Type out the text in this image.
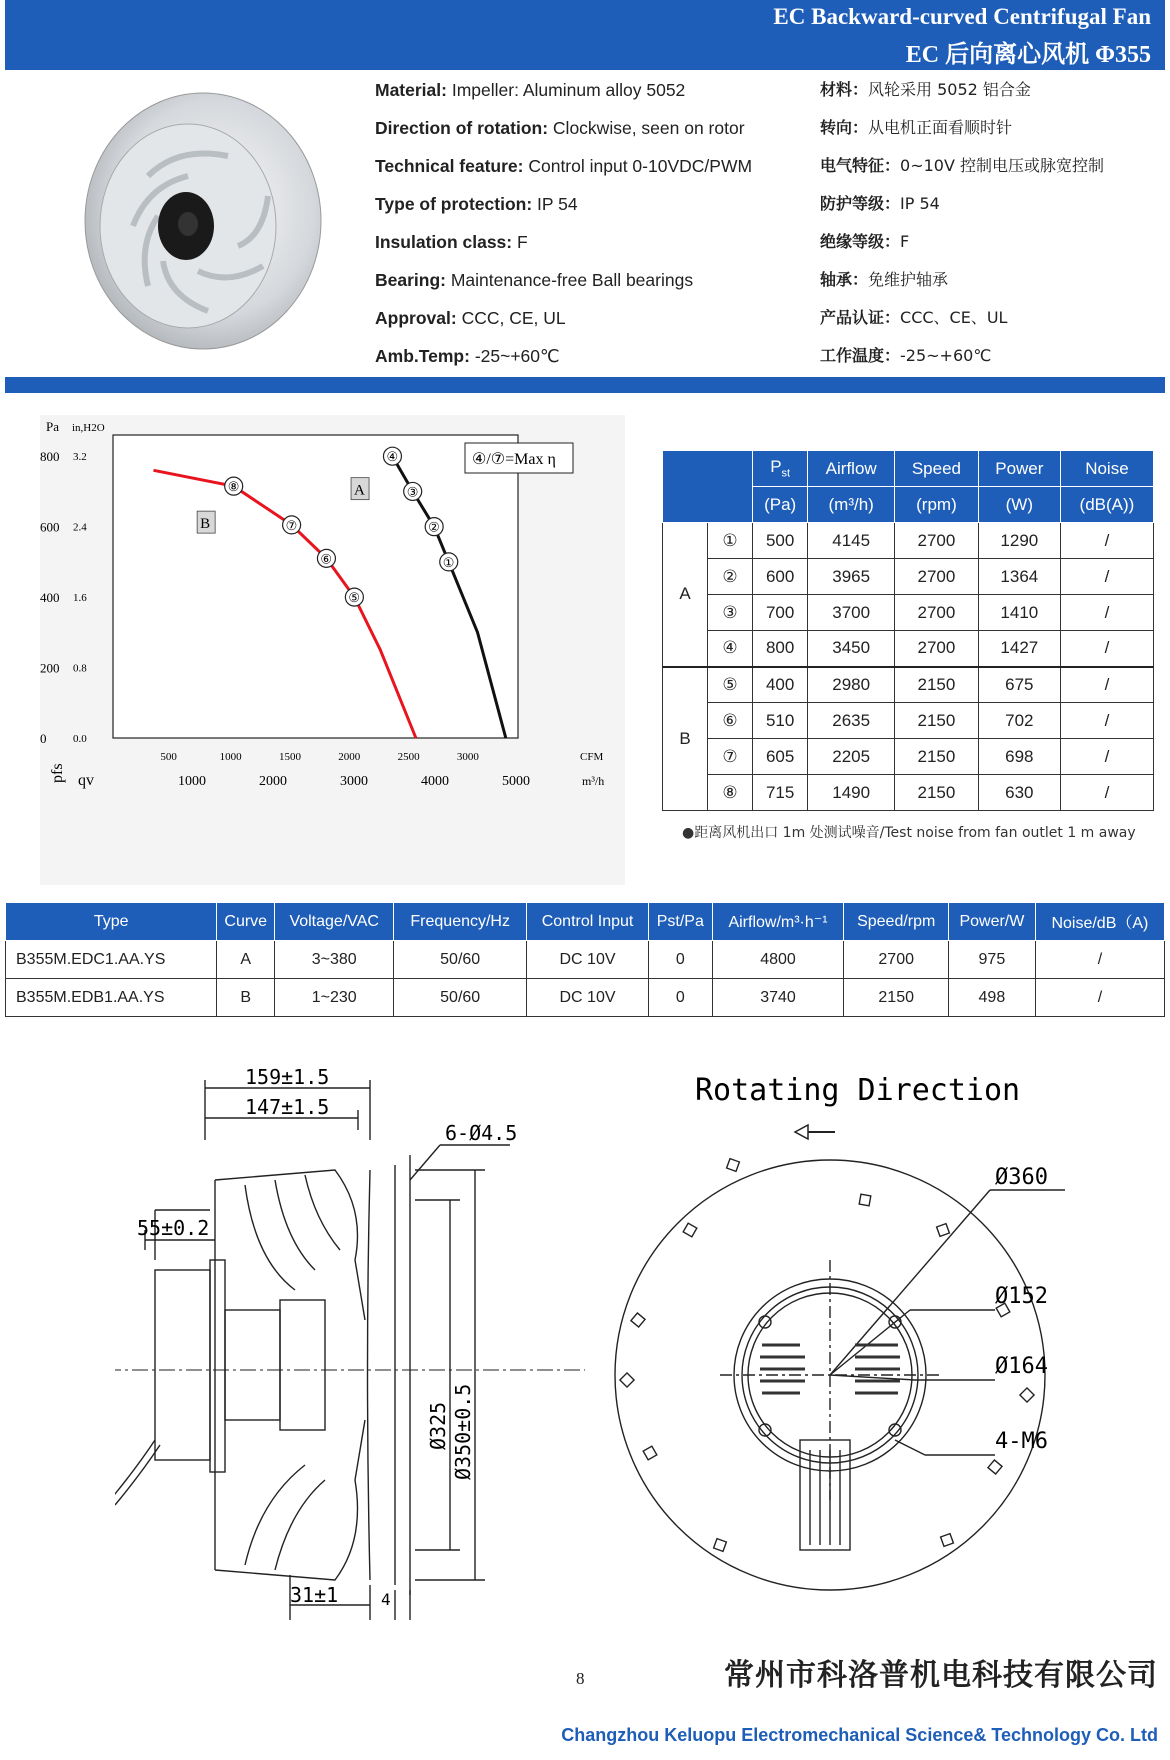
EC Backward-curved Centrifugal Fan
EC 后向离心风机 Φ355
Material: Impeller: Aluminum alloy 5052
Direction of rotation: Clockwise, seen on rotor
Technical feature: Control input 0-10VDC/PWM
Type of protection: IP 54
Insulation class: F
Bearing: Maintenance-free Ball bearings
Approval: CCC, CE, UL
Amb.Temp: -25~+60℃
材料：风轮采用 5052 铝合金
转向：从电机正面看顺时针
电气特征：0~10V 控制电压或脉宽控制
防护等级：IP 54
绝缘等级：F
轴承：免维护轴承
产品认证：CCC、CE、UL
工作温度：-25~+60℃
④
③
②
①
⑧
⑦
⑥
⑤
A
B
800 3.2
600 2.4
400 1.6
200 0.8
0 0.0
500	1000	1500	2000	2500	3000
1000	2000	3000	4000	5000
Pa in,H2O
CFM
m³/h
pfs qv
④/⑦=Max η
		$P_{st}$	Airflow	Speed	Power	Noise
		(Pa)	(m³/h)	(rpm)	(W)	(dB(A))
A	①	500	4145	2700	1290	/
	②	600	3965	2700	1364	/
	③	700	3700	2700	1410	/
	④	800	3450	2700	1427	/
B	⑤	400	2980	2150	675	/
	⑥	510	2635	2150	702	/
	⑦	605	2205	2150	698	/
	⑧	715	1490	2150	630	/
●距离风机出口 1m 处测试噪音/Test noise from fan outlet 1 m away
Type	Curve	Voltage/VAC	Frequency/Hz	Control Input	Pst/Pa	Airflow/m³·h⁻¹	Speed/rpm	Power/W	Noise/dB（A)
B355M.EDC1.AA.YS	A	3~380	50/60	DC 10V	0	4800	2700	975	/
B355M.EDB1.AA.YS	B	1~230	50/60	DC 10V	0	3740	2150	498	/
159±1.5
147±1.5
6-Ø4.5
55±0.2
Ø325 Ø350±0.5
31±1	4
Rotating Direction
Ø360
Ø152
Ø164
4-M6
8	常州市科洛普机电科技有限公司
Changzhou Keluopu Electromechanical Science& Technology Co. Ltd
